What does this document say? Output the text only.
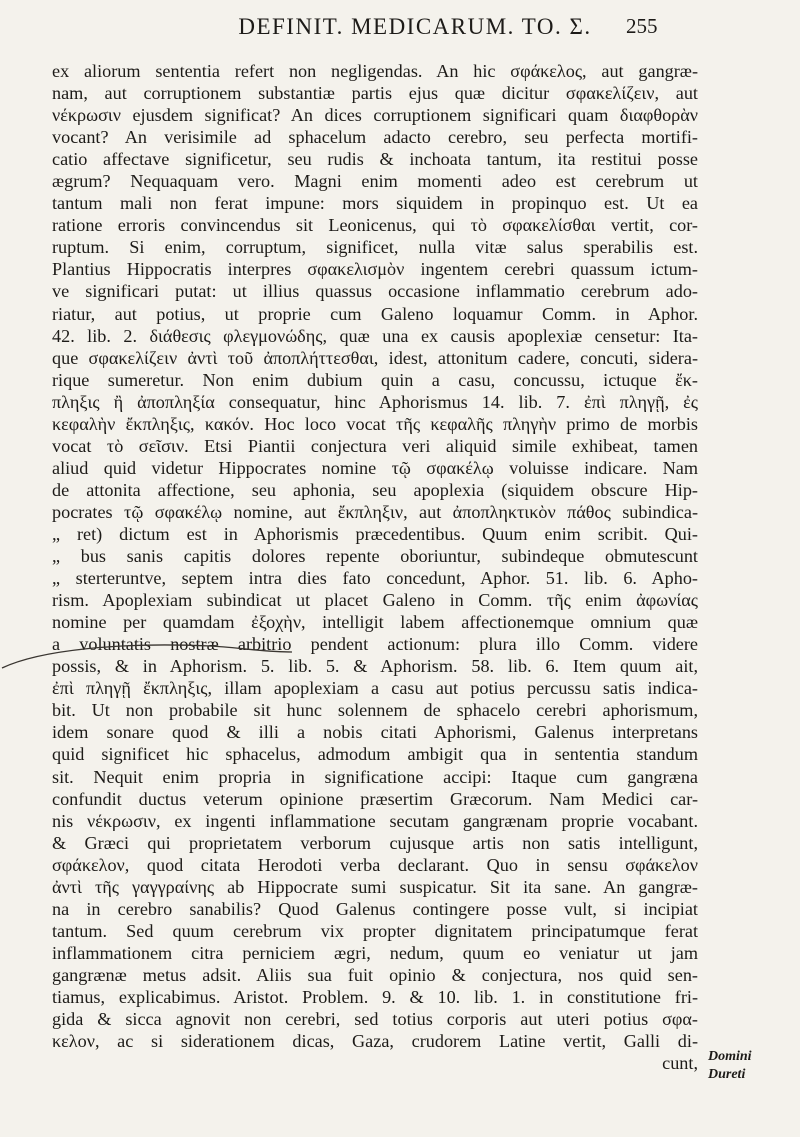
DEFINIT. MEDICARUM. TO. Σ.	255
ex aliorum sententia refert non negligendas. An hic σφάκελος, aut gangræ-
nam, aut corruptionem substantiæ partis ejus quæ dicitur σφακελίζειν, aut
νέκρωσιν ejusdem significat? An dices corruptionem significari quam διαφθορὰν
vocant? An verisimile ad sphacelum adacto cerebro, seu perfecta mortifi-
catio affectave significetur, seu rudis & inchoata tantum, ita restitui posse
ægrum? Nequaquam vero. Magni enim momenti adeo est cerebrum ut
tantum mali non ferat impune: mors siquidem in propinquo est. Ut ea
ratione erroris convincendus sit Leonicenus, qui τὸ σφακελίσθαι vertit, cor-
ruptum. Si enim, corruptum, significet, nulla vitæ salus sperabilis est.
Plantius Hippocratis interpres σφακελισμὸν ingentem cerebri quassum ictum-
ve significari putat: ut illius quassus occasione inflammatio cerebrum ado-
riatur, aut potius, ut proprie cum Galeno loquamur Comm. in Aphor.
42. lib. 2. διάθεσις φλεγμονώδης, quæ una ex causis apoplexiæ censetur: Ita-
que σφακελίζειν ἀντὶ τοῦ ἀποπλήττεσθαι, idest, attonitum cadere, concuti, sidera-
rique sumeretur. Non enim dubium quin a casu, concussu, ictuque ἔκ-
πληξις ἢ ἀποπληξία consequatur, hinc Aphorismus 14. lib. 7. ἐπὶ πληγῇ, ἐς
κεφαλὴν ἔκπληξις, κακόν. Hoc loco vocat τῆς κεφαλῆς πληγὴν primo de morbis
vocat τὸ σεῖσιν. Etsi Piantii conjectura veri aliquid simile exhibeat, tamen
aliud quid videtur Hippocrates nomine τῷ σφακέλῳ voluisse indicare. Nam
de attonita affectione, seu aphonia, seu apoplexia (siquidem obscure Hip-
pocrates τῷ σφακέλῳ nomine, aut ἔκπληξιν, aut ἀποπληκτικὸν πάθος subindica-
„ ret) dictum est in Aphorismis præcedentibus. Quum enim scribit. Qui-
„ bus sanis capitis dolores repente oboriuntur, subindeque obmutescunt
„ sterteruntve, septem intra dies fato concedunt, Aphor. 51. lib. 6. Apho-
rism. Apoplexiam subindicat ut placet Galeno in Comm. τῆς enim ἀφωνίας
nomine per quamdam ἐξοχὴν, intelligit labem affectionemque omnium quæ
a voluntatis nostræ arbitrio pendent actionum: plura illo Comm. videre
possis, & in Aphorism. 5. lib. 5. & Aphorism. 58. lib. 6. Item quum ait,
ἐπὶ πληγῇ ἔκπληξις, illam apoplexiam a casu aut potius percussu satis indica-
bit. Ut non probabile sit hunc solennem de sphacelo cerebri aphorismum,
idem sonare quod & illi a nobis citati Aphorismi, Galenus interpretans
quid significet hic sphacelus, admodum ambigit qua in sententia standum
sit. Nequit enim propria in significatione accipi: Itaque cum gangræna
confundit ductus veterum opinione præsertim Græcorum. Nam Medici car-
nis νέκρωσιν, ex ingenti inflammatione secutam gangrænam proprie vocabant.
& Græci qui proprietatem verborum cujusque artis non satis intelligunt,
σφάκελον, quod citata Herodoti verba declarant. Quo in sensu σφάκελον
ἀντὶ τῆς γαγγραίνης ab Hippocrate sumi suspicatur. Sit ita sane. An gangræ-
na in cerebro sanabilis? Quod Galenus contingere posse vult, si incipiat
tantum. Sed quum cerebrum vix propter dignitatem principatumque ferat
inflammationem citra perniciem ægri, nedum, quum eo veniatur ut jam
gangrænæ metus adsit. Aliis sua fuit opinio & conjectura, nos quid sen-
tiamus, explicabimus. Aristot. Problem. 9. & 10. lib. 1. in constitutione fri-
gida & sicca agnovit non cerebri, sed totius corporis aut uteri potius σφα-
κελον, ac si siderationem dicas, Gaza, crudorem Latine vertit, Galli di-
cunt, Domini
Dureti
